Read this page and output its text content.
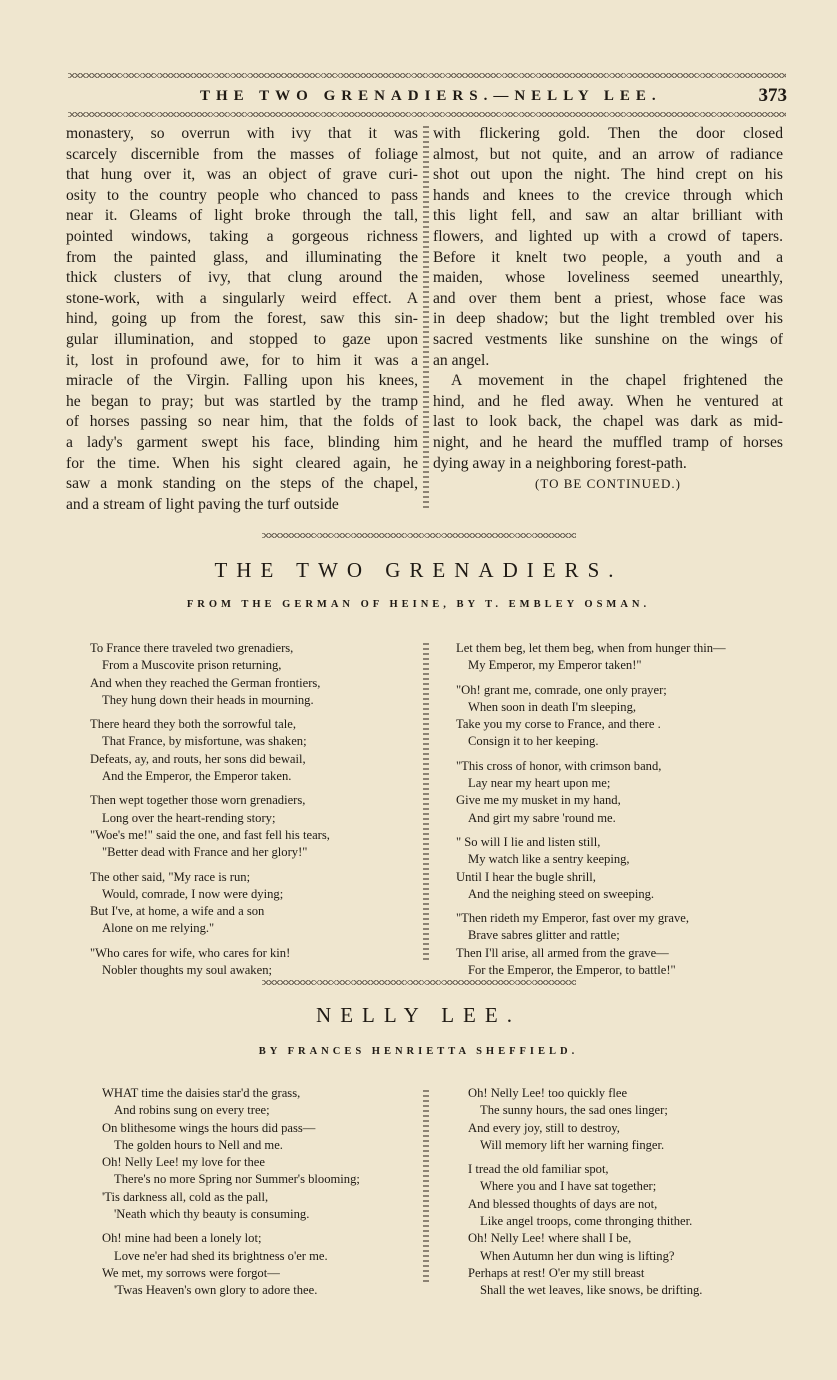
THE TWO GRENADIERS.—NELLY LEE.	373
monastery, so overrun with ivy that it was
scarcely discernible from the masses of foliage
that hung over it, was an object of grave curi-
osity to the country people who chanced to pass
near it. Gleams of light broke through the tall,
pointed windows, taking a gorgeous richness
from the painted glass, and illuminating the
thick clusters of ivy, that clung around the
stone-work, with a singularly weird effect. A
hind, going up from the forest, saw this sin-
gular illumination, and stopped to gaze upon
it, lost in profound awe, for to him it was a
miracle of the Virgin. Falling upon his knees,
he began to pray; but was startled by the tramp
of horses passing so near him, that the folds of
a lady's garment swept his face, blinding him
for the time. When his sight cleared again, he
saw a monk standing on the steps of the chapel,
and a stream of light paving the turf outside
with flickering gold. Then the door closed
almost, but not quite, and an arrow of radiance
shot out upon the night. The hind crept on his
hands and knees to the crevice through which
this light fell, and saw an altar brilliant with
flowers, and lighted up with a crowd of tapers.
Before it knelt two people, a youth and a
maiden, whose loveliness seemed unearthly,
and over them bent a priest, whose face was
in deep shadow; but the light trembled over his
sacred vestments like sunshine on the wings of
an angel.
A movement in the chapel frightened the
hind, and he fled away. When he ventured at
last to look back, the chapel was dark as mid-
night, and he heard the muffled tramp of horses
dying away in a neighboring forest-path.
(TO BE CONTINUED.)
THE TWO GRENADIERS.
FROM THE GERMAN OF HEINE, BY T. EMBLEY OSMAN.
To France there traveled two grenadiers,
From a Muscovite prison returning,
And when they reached the German frontiers,
They hung down their heads in mourning.
There heard they both the sorrowful tale,
That France, by misfortune, was shaken;
Defeats, ay, and routs, her sons did bewail,
And the Emperor, the Emperor taken.
Then wept together those worn grenadiers,
Long over the heart-rending story;
"Woe's me!" said the one, and fast fell his tears,
"Better dead with France and her glory!"
The other said, "My race is run;
Would, comrade, I now were dying;
But I've, at home, a wife and a son
Alone on me relying."
"Who cares for wife, who cares for kin!
Nobler thoughts my soul awaken;
Let them beg, let them beg, when from hunger thin—
My Emperor, my Emperor taken!"
"Oh! grant me, comrade, one only prayer;
When soon in death I'm sleeping,
Take you my corse to France, and there .
Consign it to her keeping.
"This cross of honor, with crimson band,
Lay near my heart upon me;
Give me my musket in my hand,
And girt my sabre 'round me.
" So will I lie and listen still,
My watch like a sentry keeping,
Until I hear the bugle shrill,
And the neighing steed on sweeping.
"Then rideth my Emperor, fast over my grave,
Brave sabres glitter and rattle;
Then I'll arise, all armed from the grave—
For the Emperor, the Emperor, to battle!"
NELLY LEE.
BY FRANCES HENRIETTA SHEFFIELD.
WHAT time the daisies star'd the grass,
And robins sung on every tree;
On blithesome wings the hours did pass—
The golden hours to Nell and me.
Oh! Nelly Lee! my love for thee
There's no more Spring nor Summer's blooming;
'Tis darkness all, cold as the pall,
'Neath which thy beauty is consuming.
Oh! mine had been a lonely lot;
Love ne'er had shed its brightness o'er me.
We met, my sorrows were forgot—
'Twas Heaven's own glory to adore thee.
Oh! Nelly Lee! too quickly flee
The sunny hours, the sad ones linger;
And every joy, still to destroy,
Will memory lift her warning finger.
I tread the old familiar spot,
Where you and I have sat together;
And blessed thoughts of days are not,
Like angel troops, come thronging thither.
Oh! Nelly Lee! where shall I be,
When Autumn her dun wing is lifting?
Perhaps at rest! O'er my still breast
Shall the wet leaves, like snows, be drifting.
